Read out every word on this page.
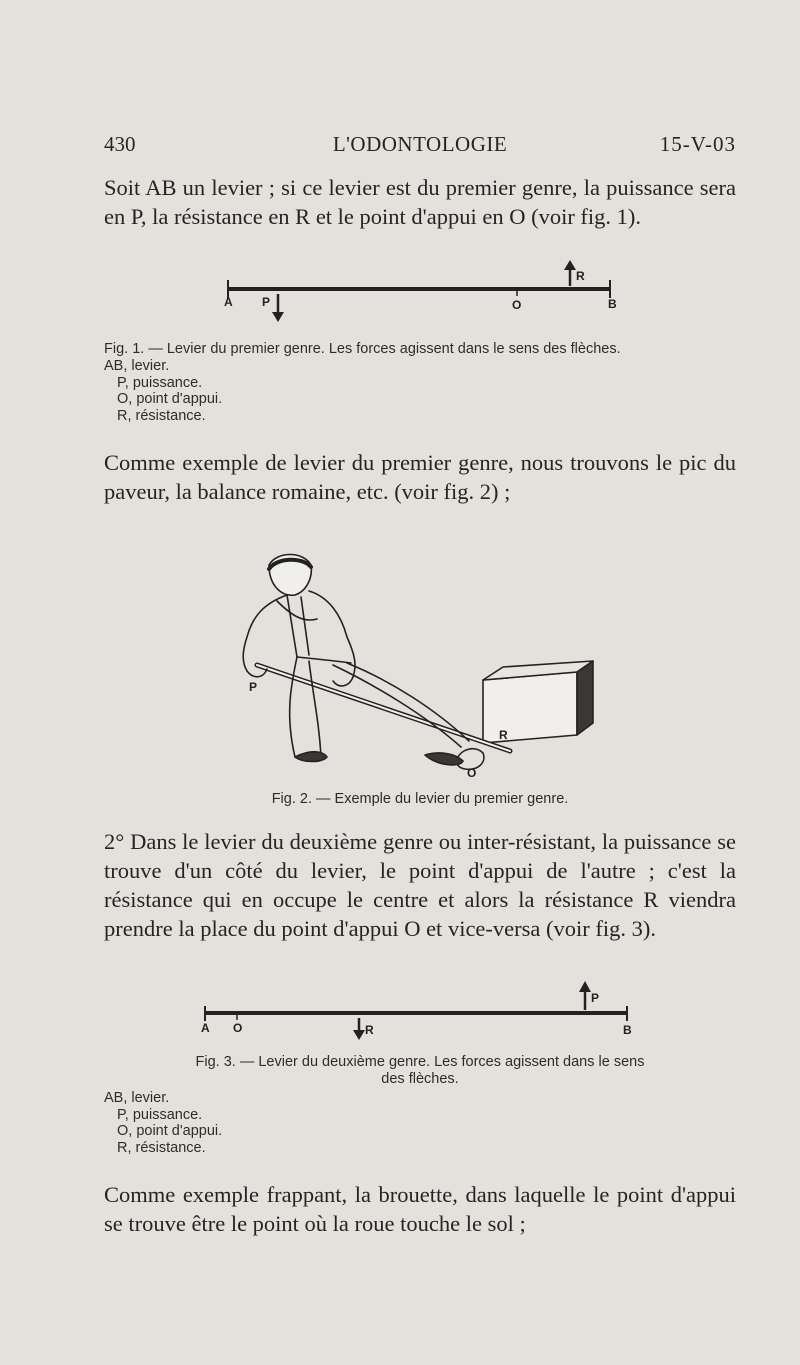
430	L'ODONTOLOGIE	15-V-03
Soit AB un levier ; si ce levier est du premier genre, la puissance sera en P, la résistance en R et le point d'appui en O (voir fig. 1).
A P	O	B
R
Fig. 1. — Levier du premier genre. Les forces agissent dans le sens des flèches.
AB, levier.
P, puissance.
O, point d'appui.
R, résistance.
Comme exemple de levier du premier genre, nous trouvons le pic du paveur, la balance romaine, etc. (voir fig. 2) ;
P
R
O
Fig. 2. — Exemple du levier du premier genre.
2° Dans le levier du deuxième genre ou inter-résistant, la puissance se trouve d'un côté du levier, le point d'appui de l'autre ; c'est la résistance qui en occupe le centre et alors la résistance R viendra prendre la place du point d'appui O et vice-versa (voir fig. 3).
A O	R
P
B
Fig. 3. — Levier du deuxième genre. Les forces agissent dans le sens
des flèches.
AB, levier.
P, puissance.
O, point d'appui.
R, résistance.
Comme exemple frappant, la brouette, dans laquelle le point d'appui se trouve être le point où la roue touche le sol ;
